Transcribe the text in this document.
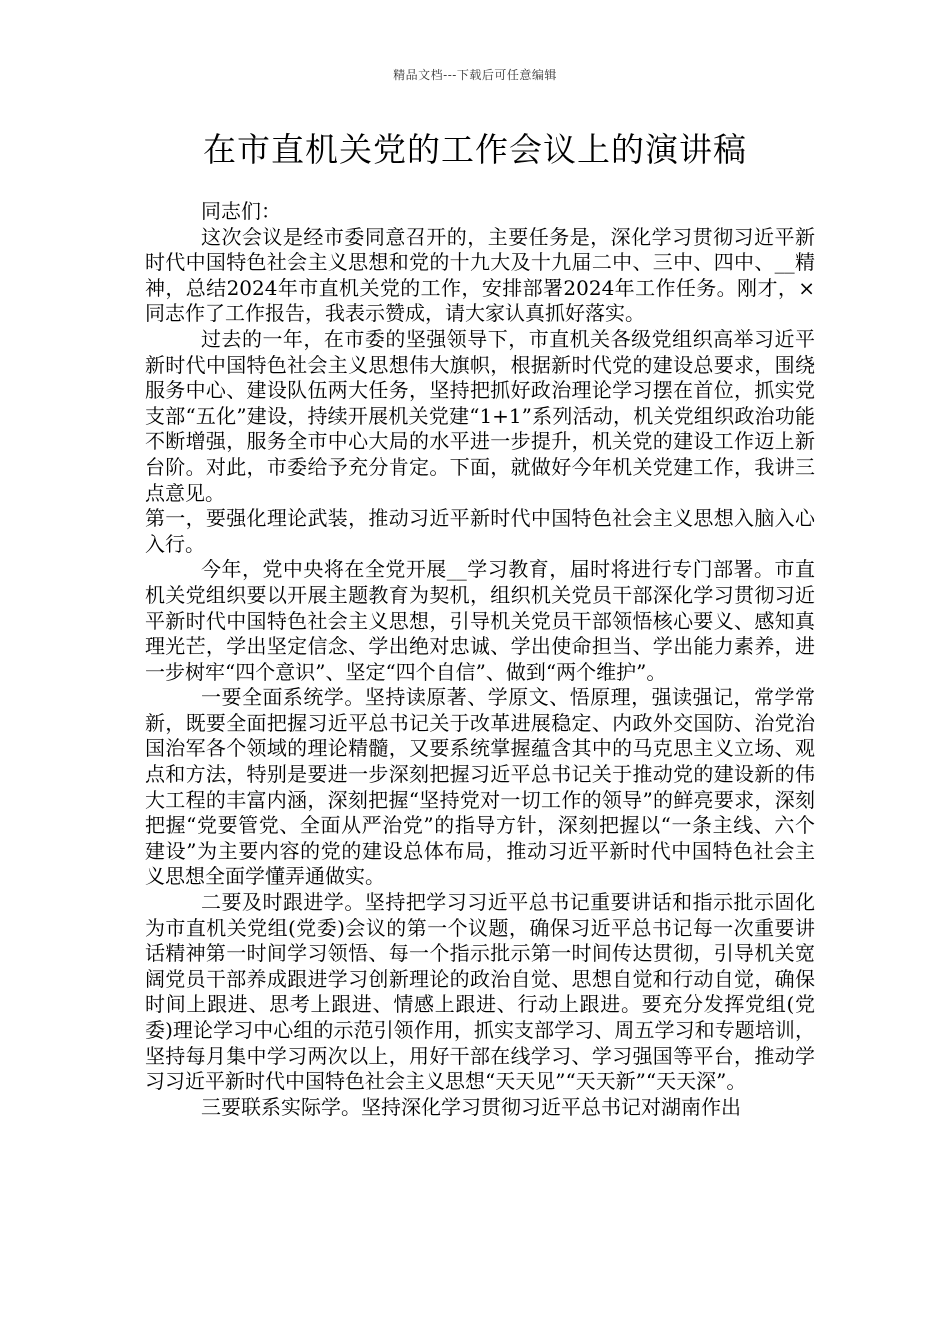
精品文档---下载后可任意编辑
在市直机关党的工作会议上的演讲稿

同志们：

这次会议是经市委同意召开的，主要任务是，深化学习贯彻习近平新时代中国特色社会主义思想和党的十九大及十九届二中、三中、四中、__精神，总结2024年市直机关党的工作，安排部署2024年工作任务。刚才，×同志作了工作报告，我表示赞成，请大家认真抓好落实。

过去的一年，在市委的坚强领导下，市直机关各级党组织高举习近平新时代中国特色社会主义思想伟大旗帜，根据新时代党的建设总要求，围绕服务中心、建设队伍两大任务，坚持把抓好政治理论学习摆在首位，抓实党支部“五化”建设，持续开展机关党建“1+1”系列活动，机关党组织政治功能不断增强，服务全市中心大局的水平进一步提升，机关党的建设工作迈上新台阶。对此，市委给予充分肯定。下面，就做好今年机关党建工作，我讲三点意见。

第一，要强化理论武装，推动习近平新时代中国特色社会主义思想入脑入心入行。

今年，党中央将在全党开展__学习教育，届时将进行专门部署。市直机关党组织要以开展主题教育为契机，组织机关党员干部深化学习贯彻习近平新时代中国特色社会主义思想，引导机关党员干部领悟核心要义、感知真理光芒，学出坚定信念、学出绝对忠诚、学出使命担当、学出能力素养，进一步树牢“四个意识”、坚定“四个自信”、做到“两个维护”。

一要全面系统学。坚持读原著、学原文、悟原理，强读强记，常学常新，既要全面把握习近平总书记关于改革进展稳定、内政外交国防、治党治国治军各个领域的理论精髓，又要系统掌握蕴含其中的马克思主义立场、观点和方法，特别是要进一步深刻把握习近平总书记关于推动党的建设新的伟大工程的丰富内涵，深刻把握“坚持党对一切工作的领导”的鲜亮要求，深刻把握“党要管党、全面从严治党”的指导方针，深刻把握以“一条主线、六个建设”为主要内容的党的建设总体布局，推动习近平新时代中国特色社会主义思想全面学懂弄通做实。

二要及时跟进学。坚持把学习习近平总书记重要讲话和指示批示固化为市直机关党组(党委)会议的第一个议题，确保习近平总书记每一次重要讲话精神第一时间学习领悟、每一个指示批示第一时间传达贯彻，引导机关宽阔党员干部养成跟进学习创新理论的政治自觉、思想自觉和行动自觉，确保时间上跟进、思考上跟进、情感上跟进、行动上跟进。要充分发挥党组(党委)理论学习中心组的示范引领作用，抓实支部学习、周五学习和专题培训，坚持每月集中学习两次以上，用好干部在线学习、学习强国等平台，推动学习习近平新时代中国特色社会主义思想“天天见”“天天新”“天天深”。

三要联系实际学。坚持深化学习贯彻习近平总书记对湖南作出
